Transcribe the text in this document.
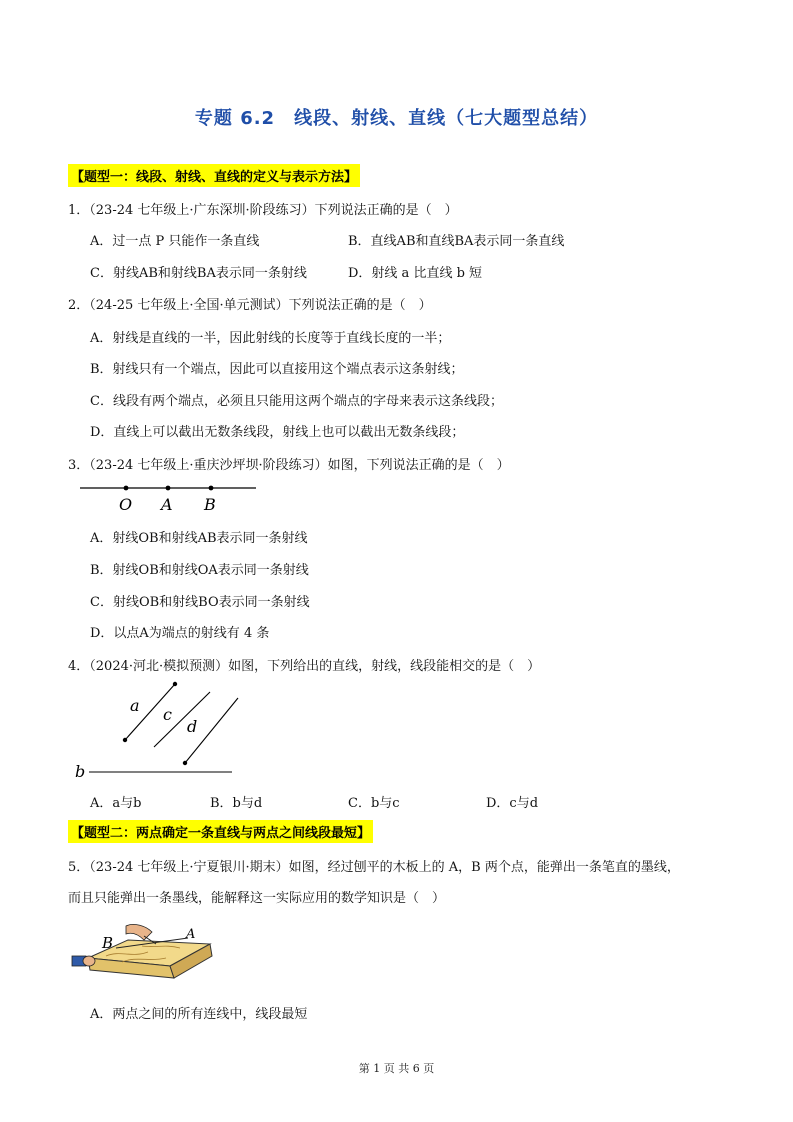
专题 6.2　线段、射线、直线（七大题型总结）
【题型一：线段、射线、直线的定义与表示方法】
1．（23-24 七年级上·广东深圳·阶段练习）下列说法正确的是（　）
A．过一点 P 只能作一条直线	B．直线AB和直线BA表示同一条直线
C．射线AB和射线BA表示同一条射线	D．射线 a 比直线 b 短
2．（24-25 七年级上·全国·单元测试）下列说法正确的是（　）
A．射线是直线的一半，因此射线的长度等于直线长度的一半；
B．射线只有一个端点，因此可以直接用这个端点表示这条射线；
C．线段有两个端点，必须且只能用这两个端点的字母来表示这条线段；
D．直线上可以截出无数条线段，射线上也可以截出无数条线段；
3．（23-24 七年级上·重庆沙坪坝·阶段练习）如图，下列说法正确的是（　）
O A B
A．射线OB和射线AB表示同一条射线
B．射线OB和射线OA表示同一条射线
C．射线OB和射线BO表示同一条射线
D．以点A为端点的射线有 4 条
4．（2024·河北·模拟预测）如图，下列给出的直线，射线，线段能相交的是（　）
a c
d
b
A．a与b	B．b与d	C．b与c	D．c与d
【题型二：两点确定一条直线与两点之间线段最短】
5．（23-24 七年级上·宁夏银川·期末）如图，经过刨平的木板上的 A，B 两个点，能弹出一条笔直的墨线，
而且只能弹出一条墨线，能解释这一实际应用的数学知识是（　）
B	A
A．两点之间的所有连线中，线段最短
第 1 页 共 6 页
